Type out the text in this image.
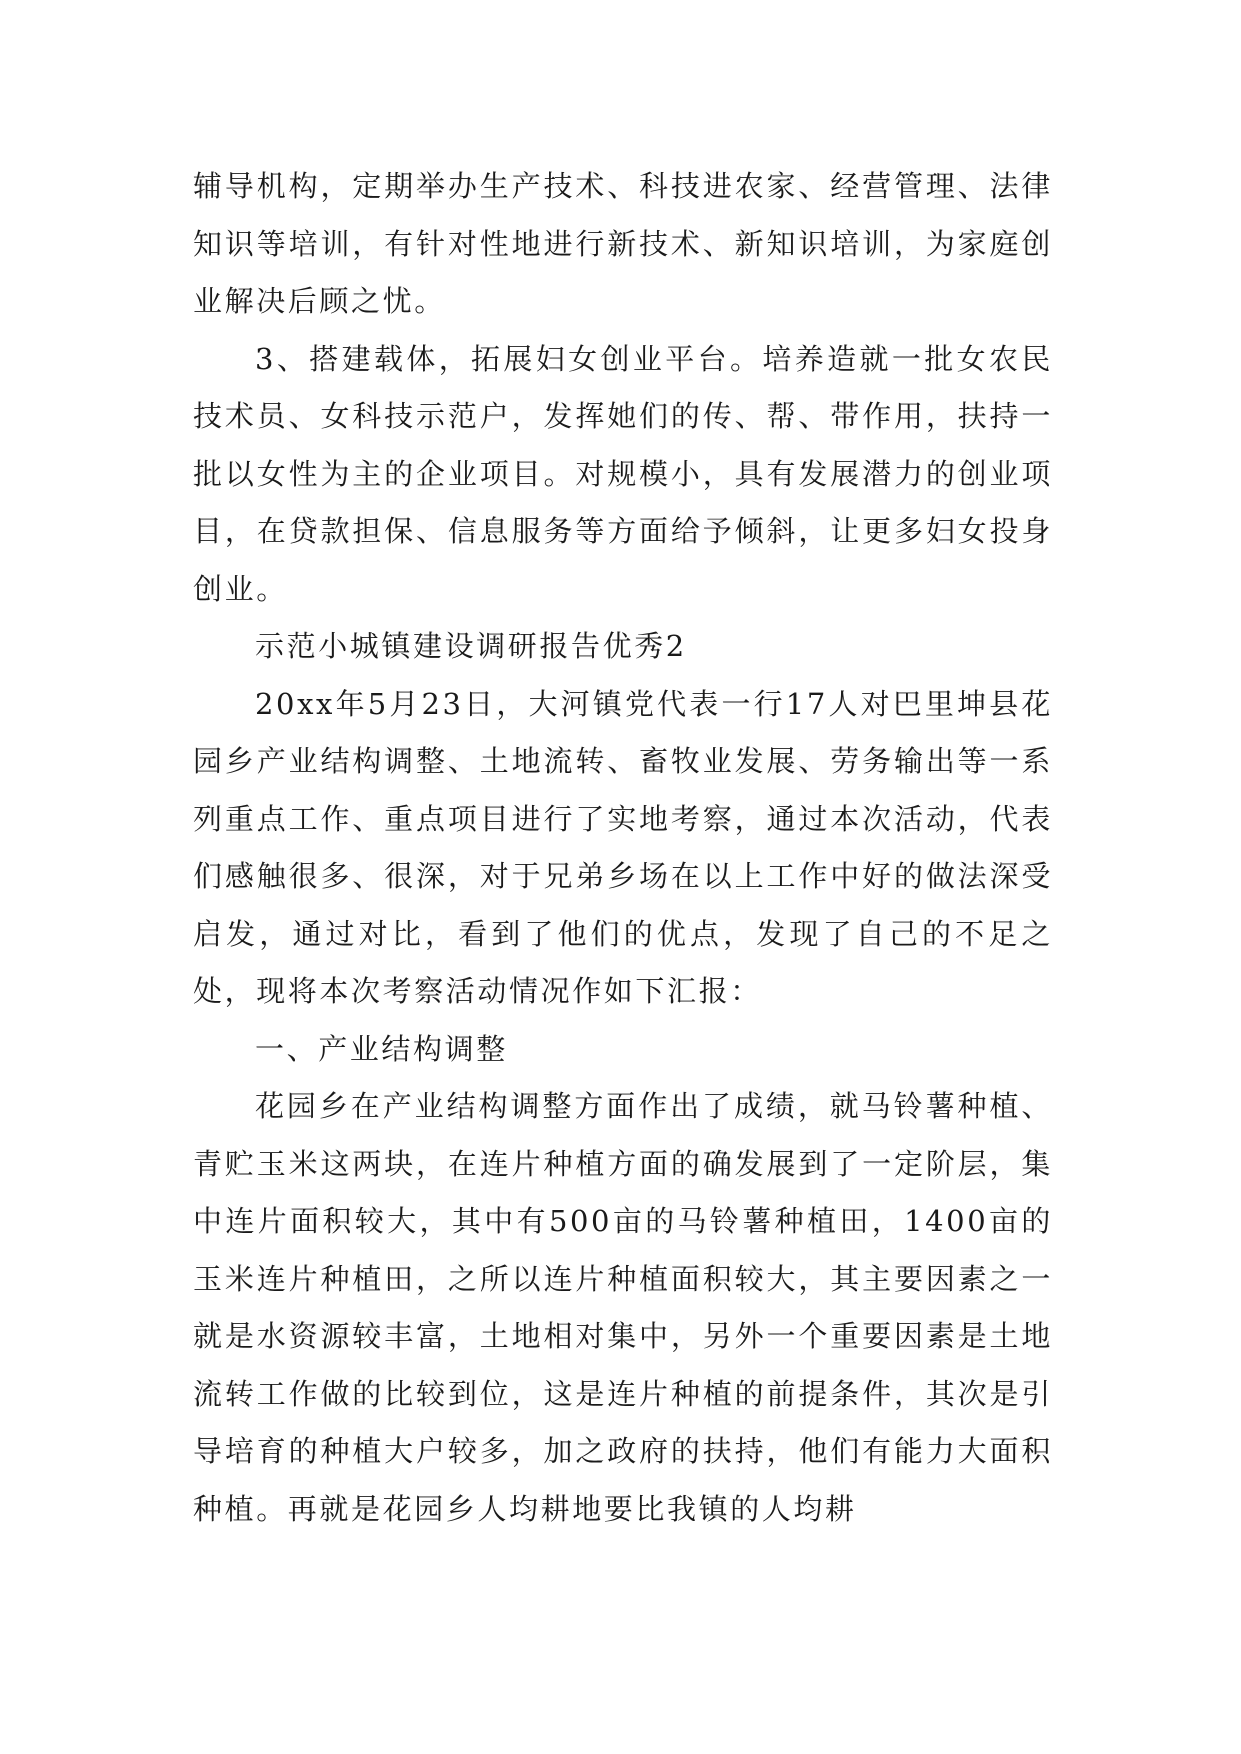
辅导机构，定期举办生产技术、科技进农家、经营管理、法律知识等培训，有针对性地进行新技术、新知识培训，为家庭创业解决后顾之忧。

3、搭建载体，拓展妇女创业平台。培养造就一批女农民技术员、女科技示范户，发挥她们的传、帮、带作用，扶持一批以女性为主的企业项目。对规模小，具有发展潜力的创业项目，在贷款担保、信息服务等方面给予倾斜，让更多妇女投身创业。

示范小城镇建设调研报告优秀2

20xx年5月23日，大河镇党代表一行17人对巴里坤县花园乡产业结构调整、土地流转、畜牧业发展、劳务输出等一系列重点工作、重点项目进行了实地考察，通过本次活动，代表们感触很多、很深，对于兄弟乡场在以上工作中好的做法深受启发，通过对比，看到了他们的优点，发现了自己的不足之处，现将本次考察活动情况作如下汇报：

一、产业结构调整

花园乡在产业结构调整方面作出了成绩，就马铃薯种植、青贮玉米这两块，在连片种植方面的确发展到了一定阶层，集中连片面积较大，其中有500亩的马铃薯种植田，1400亩的玉米连片种植田，之所以连片种植面积较大，其主要因素之一就是水资源较丰富，土地相对集中，另外一个重要因素是土地流转工作做的比较到位，这是连片种植的前提条件，其次是引导培育的种植大户较多，加之政府的扶持，他们有能力大面积种植。再就是花园乡人均耕地要比我镇的人均耕
